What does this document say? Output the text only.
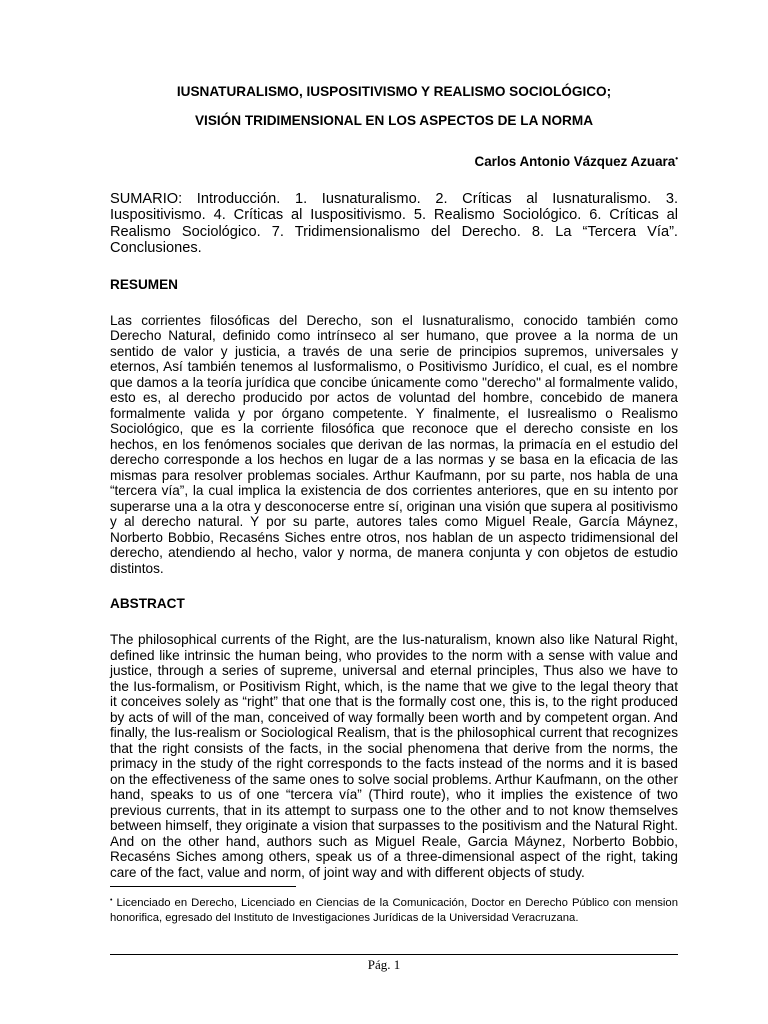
IUSNATURALISMO, IUSPOSITIVISMO Y REALISMO SOCIOLÓGICO;

VISIÓN TRIDIMENSIONAL EN LOS ASPECTOS DE LA NORMA

Carlos Antonio Vázquez Azuara•
SUMARIO: Introducción. 1. Iusnaturalismo. 2. Críticas al Iusnaturalismo. 3. Iuspositivismo. 4. Críticas al Iuspositivismo. 5. Realismo Sociológico. 6. Críticas al Realismo Sociológico. 7. Tridimensionalismo del Derecho. 8. La “Tercera Vía”. Conclusiones.
RESUMEN
Las corrientes filosóficas del Derecho, son el Iusnaturalismo, conocido también como Derecho Natural, definido como intrínseco al ser humano, que provee a la norma de un sentido de valor y justicia, a través de una serie de principios supremos, universales y eternos, Así también tenemos al Iusformalismo, o Positivismo Jurídico, el cual, es el nombre que damos a la teoría jurídica que concibe únicamente como "derecho" al formalmente valido, esto es, al derecho producido por actos de voluntad del hombre, concebido de manera formalmente valida y por órgano competente. Y finalmente, el Iusrealismo o Realismo Sociológico, que es la corriente filosófica que reconoce que el derecho consiste en los hechos, en los fenómenos sociales que derivan de las normas, la primacía en el estudio del derecho corresponde a los hechos en lugar de a las normas y se basa en la eficacia de las mismas para resolver problemas sociales. Arthur Kaufmann, por su parte, nos habla de una “tercera vía”, la cual implica la existencia de dos corrientes anteriores, que en su intento por superarse una a la otra y desconocerse entre sí, originan una visión que supera al positivismo y al derecho natural. Y por su parte, autores tales como Miguel Reale, García Máynez, Norberto Bobbio, Recaséns Siches entre otros, nos hablan de un aspecto tridimensional del derecho, atendiendo al hecho, valor y norma, de manera conjunta y con objetos de estudio distintos.
ABSTRACT
The philosophical currents of the Right, are the Ius-naturalism, known also like Natural Right, defined like intrinsic the human being, who provides to the norm with a sense with value and justice, through a series of supreme, universal and eternal principles, Thus also we have to the Ius-formalism, or Positivism Right, which, is the name that we give to the legal theory that it conceives solely as “right” that one that is the formally cost one, this is, to the right produced by acts of will of the man, conceived of way formally been worth and by competent organ. And finally, the Ius-realism or Sociological Realism, that is the philosophical current that recognizes that the right consists of the facts, in the social phenomena that derive from the norms, the primacy in the study of the right corresponds to the facts instead of the norms and it is based on the effectiveness of the same ones to solve social problems. Arthur Kaufmann, on the other hand, speaks to us of one “tercera vía” (Third route), who it implies the existence of two previous currents, that in its attempt to surpass one to the other and to not know themselves between himself, they originate a vision that surpasses to the positivism and the Natural Right. And on the other hand, authors such as Miguel Reale, Garcia Máynez, Norberto Bobbio, Recaséns Siches among others, speak us of a three-dimensional aspect of the right, taking care of the fact, value and norm, of joint way and with different objects of study.
• Licenciado en Derecho, Licenciado en Ciencias de la Comunicación, Doctor en Derecho Público con mension honorifica, egresado del Instituto de Investigaciones Jurídicas de la Universidad Veracruzana.
Pág. 1
